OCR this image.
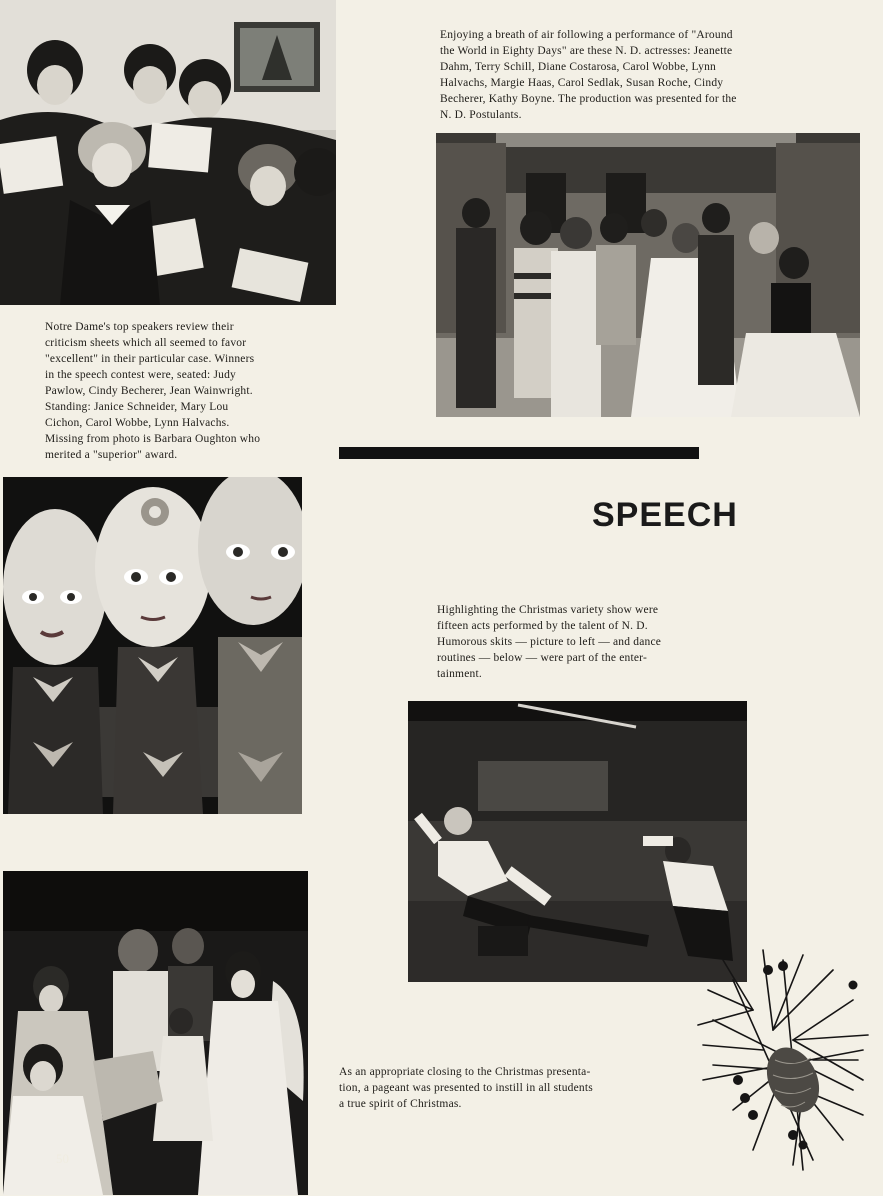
Notre Dame's top speakers review their
criticism sheets which all seemed to favor
"excellent" in their particular case. Winners
in the speech contest were, seated: Judy
Pawlow, Cindy Becherer, Jean Wainwright.
Standing: Janice Schneider, Mary Lou
Cichon, Carol Wobbe, Lynn Halvachs.
Missing from photo is Barbara Oughton who
merited a "superior" award.
Enjoying a breath of air following a performance of "Around
the World in Eighty Days" are these N. D. actresses: Jeanette
Dahm, Terry Schill, Diane Costarosa, Carol Wobbe, Lynn
Halvachs, Margie Haas, Carol Sedlak, Susan Roche, Cindy
Becherer, Kathy Boyne. The production was presented for the
N. D. Postulants.
SPEECH
Highlighting the Christmas variety show were
fifteen acts performed by the talent of N. D.
Humorous skits — picture to left — and dance
routines — below — were part of the enter-
tainment.
50
As an appropriate closing to the Christmas presenta-
tion, a pageant was presented to instill in all students
a true spirit of Christmas.
